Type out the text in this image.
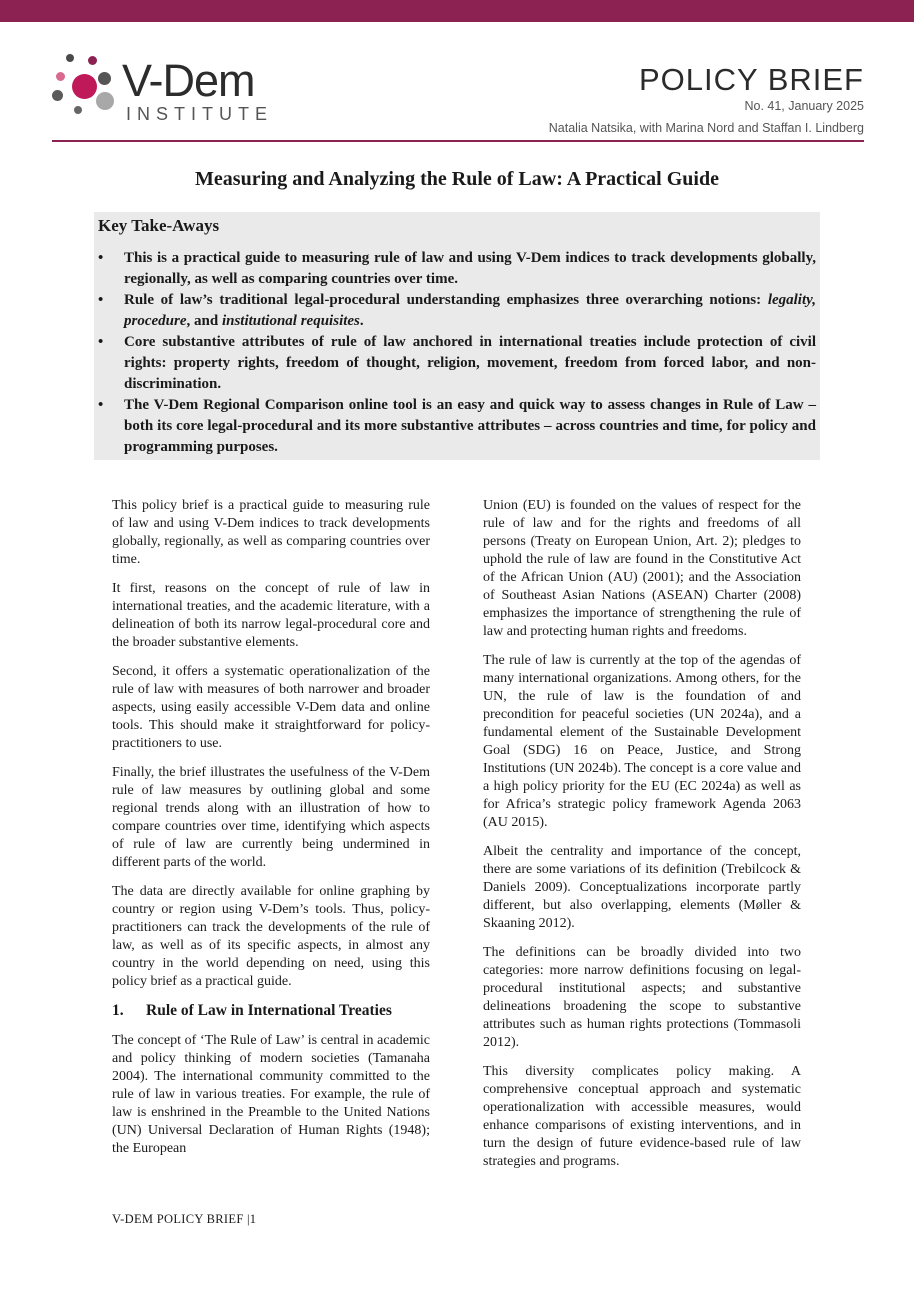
V-Dem
INSTITUTE
POLICY BRIEF
No. 41, January 2025
Natalia Natsika, with Marina Nord and Staffan I. Lindberg
Measuring and Analyzing the Rule of Law: A Practical Guide
Key Take-Aways
• This is a practical guide to measuring rule of law and using V-Dem indices to track developments globally, regionally, as well as comparing countries over time.
• Rule of law’s traditional legal-procedural understanding emphasizes three overarching notions: legality, procedure, and institutional requisites.
• Core substantive attributes of rule of law anchored in international treaties include protection of civil rights: property rights, freedom of thought, religion, movement, freedom from forced labor, and non-discrimination.
• The V-Dem Regional Comparison online tool is an easy and quick way to assess changes in Rule of Law – both its core legal-procedural and its more substantive attributes – across countries and time, for policy and programming purposes.

This policy brief is a practical guide to measuring rule of law and using V-Dem indices to track developments globally, regionally, as well as comparing countries over time.

It first, reasons on the concept of rule of law in international treaties, and the academic literature, with a delineation of both its narrow legal-procedural core and the broader substantive elements.

Second, it offers a systematic operationalization of the rule of law with measures of both narrower and broader aspects, using easily accessible V-Dem data and online tools. This should make it straightforward for policy-practitioners to use.

Finally, the brief illustrates the usefulness of the V-Dem rule of law measures by outlining global and some regional trends along with an illustration of how to compare countries over time, identifying which aspects of rule of law are currently being undermined in different parts of the world.

The data are directly available for online graphing by country or region using V-Dem’s tools. Thus, policy-practitioners can track the developments of the rule of law, as well as of its specific aspects, in almost any country in the world depending on need, using this policy brief as a practical guide.

1. Rule of Law in International Treaties

The concept of ‘The Rule of Law’ is central in academic and policy thinking of modern societies (Tamanaha 2004). The international community committed to the rule of law in various treaties. For example, the rule of law is enshrined in the Preamble to the United Nations (UN) Universal Declaration of Human Rights (1948); the European

Union (EU) is founded on the values of respect for the rule of law and for the rights and freedoms of all persons (Treaty on European Union, Art. 2); pledges to uphold the rule of law are found in the Constitutive Act of the African Union (AU) (2001); and the Association of Southeast Asian Nations (ASEAN) Charter (2008) emphasizes the importance of strengthening the rule of law and protecting human rights and freedoms.

The rule of law is currently at the top of the agendas of many international organizations. Among others, for the UN, the rule of law is the foundation of and precondition for peaceful societies (UN 2024a), and a fundamental element of the Sustainable Development Goal (SDG) 16 on Peace, Justice, and Strong Institutions (UN 2024b). The concept is a core value and a high policy priority for the EU (EC 2024a) as well as for Africa’s strategic policy framework Agenda 2063 (AU 2015).

Albeit the centrality and importance of the concept, there are some variations of its definition (Trebilcock & Daniels 2009). Conceptualizations incorporate partly different, but also overlapping, elements (Møller & Skaaning 2012).

The definitions can be broadly divided into two categories: more narrow definitions focusing on legal-procedural institutional aspects; and substantive delineations broadening the scope to substantive attributes such as human rights protections (Tommasoli 2012).

This diversity complicates policy making. A comprehensive conceptual approach and systematic operationalization with accessible measures, would enhance comparisons of existing interventions, and in turn the design of future evidence-based rule of law strategies and programs.

V-DEM POLICY BRIEF |1
